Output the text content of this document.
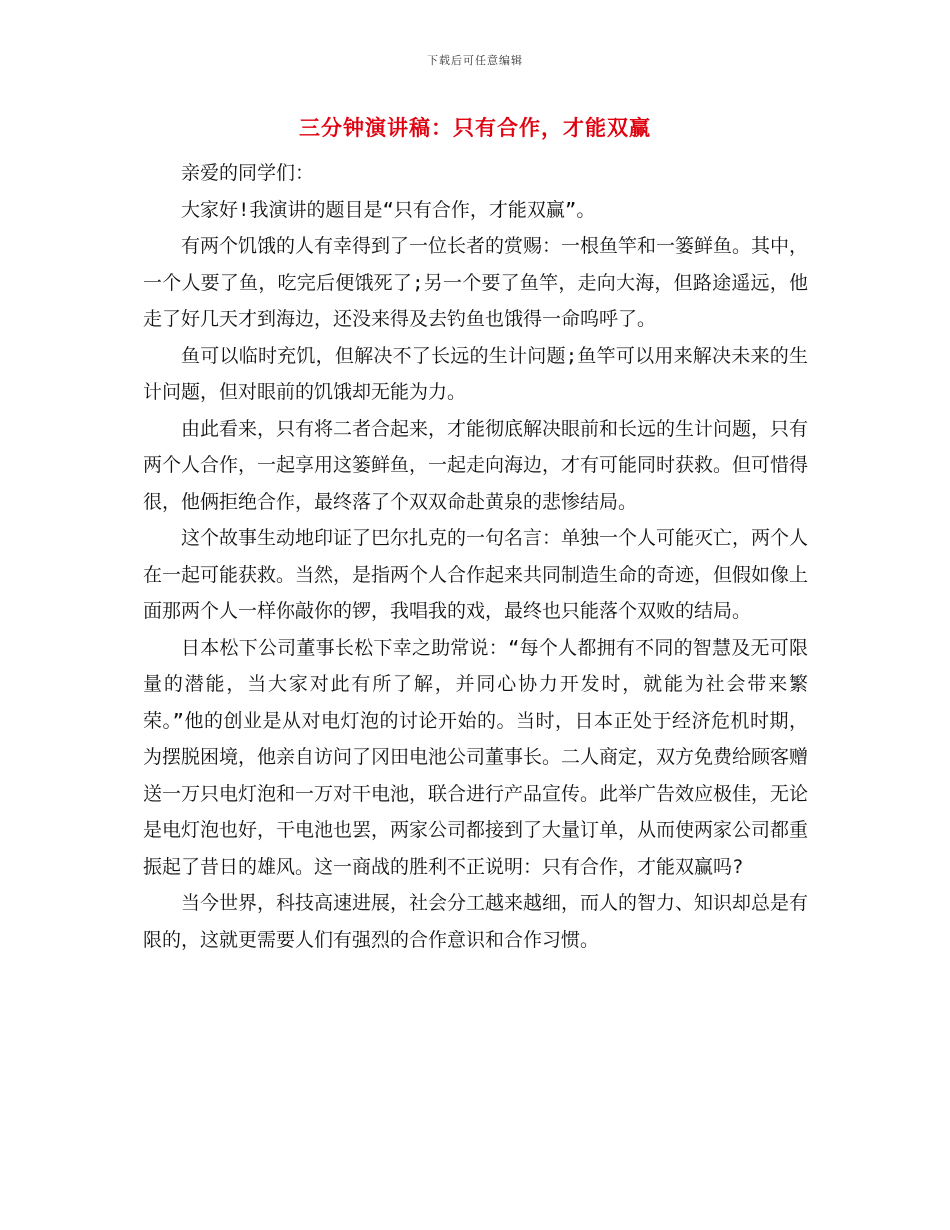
下载后可任意编辑
三分钟演讲稿：只有合作，才能双赢

亲爱的同学们：

大家好!我演讲的题目是“只有合作，才能双赢”。

有两个饥饿的人有幸得到了一位长者的赏赐：一根鱼竿和一篓鲜鱼。其中，一个人要了鱼，吃完后便饿死了;另一个要了鱼竿，走向大海，但路途遥远，他走了好几天才到海边，还没来得及去钓鱼也饿得一命呜呼了。

鱼可以临时充饥，但解决不了长远的生计问题;鱼竿可以用来解决未来的生计问题，但对眼前的饥饿却无能为力。

由此看来，只有将二者合起来，才能彻底解决眼前和长远的生计问题，只有两个人合作，一起享用这篓鲜鱼，一起走向海边，才有可能同时获救。但可惜得很，他俩拒绝合作，最终落了个双双命赴黄泉的悲惨结局。

这个故事生动地印证了巴尔扎克的一句名言：单独一个人可能灭亡，两个人在一起可能获救。当然，是指两个人合作起来共同制造生命的奇迹，但假如像上面那两个人一样你敲你的锣，我唱我的戏，最终也只能落个双败的结局。

日本松下公司董事长松下幸之助常说：“每个人都拥有不同的智慧及无可限量的潜能，当大家对此有所了解，并同心协力开发时，就能为社会带来繁荣。”他的创业是从对电灯泡的讨论开始的。当时，日本正处于经济危机时期，为摆脱困境，他亲自访问了冈田电池公司董事长。二人商定，双方免费给顾客赠送一万只电灯泡和一万对干电池，联合进行产品宣传。此举广告效应极佳，无论是电灯泡也好，干电池也罢，两家公司都接到了大量订单，从而使两家公司都重振起了昔日的雄风。这一商战的胜利不正说明：只有合作，才能双赢吗?

当今世界，科技高速进展，社会分工越来越细，而人的智力、知识却总是有限的，这就更需要人们有强烈的合作意识和合作习惯。
